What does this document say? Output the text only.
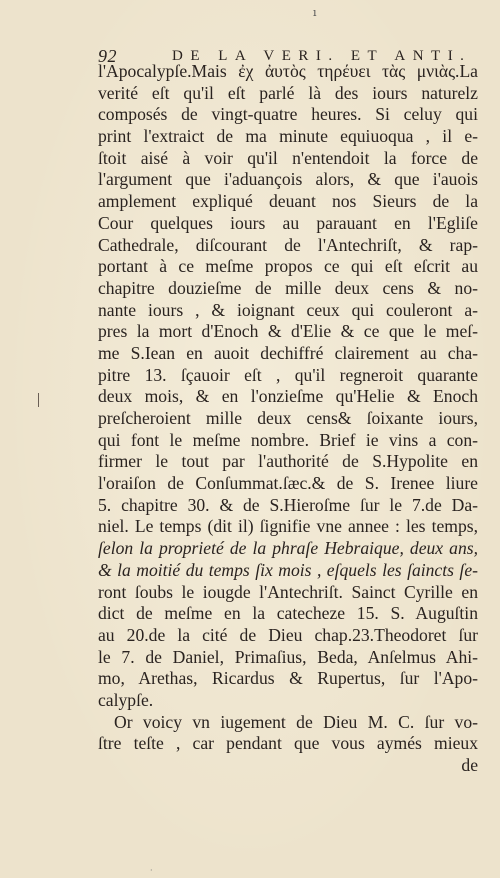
ı
92	DE LA VERI. ET ANTI.
l'Apocalypſe.Mais ἐχ ἀυτὸς τηρέυει τὰς μνιὰς.La
verité eſt qu'il eſt parlé là des iours naturelz
composés de vingt-quatre heures. Si celuy qui
print l'extraict de ma minute equiuoqua , il e-
ſtoit aisé à voir qu'il n'entendoit la force de
l'argument que i'aduançois alors, & que i'auois
amplement expliqué deuant nos Sieurs de la
Cour quelques iours au parauant en l'Egliſe
Cathedrale, diſcourant de l'Antechriſt, & rap-
portant à ce meſme propos ce qui eſt eſcrit au
chapitre douzieſme de mille deux cens & no-
nante iours , & ioignant ceux qui couleront a-
pres la mort d'Enoch & d'Elie & ce que le meſ-
me S.Iean en auoit dechiffré clairement au cha-
pitre 13. ſçauoir eſt , qu'il regneroit quarante
deux mois, & en l'onzieſme qu'Helie & Enoch
preſcheroient mille deux cens& ſoixante iours,
qui font le meſme nombre. Brief ie vins a con-
firmer le tout par l'authorité de S.Hypolite en
l'oraiſon de Conſummat.ſæc.& de S. Irenee liure
5. chapitre 30. & de S.Hieroſme ſur le 7.de Da-
niel. Le temps (dit il) ſignifie vne annee : les temps,
ſelon la proprieté de la phraſe Hebraique, deux ans,
& la moitié du temps ſix mois , eſquels les ſaincts ſe-
ront ſoubs le iougde l'Antechriſt. Sainct Cyrille en
dict de meſme en la catecheze 15. S. Auguſtin
au 20.de la cité de Dieu chap.23.Theodoret ſur
le 7. de Daniel, Primaſius, Beda, Anſelmus Ahi-
mo, Arethas, Ricardus & Rupertus, ſur l'Apo-
calypſe.
Or voicy vn iugement de Dieu M. C. ſur vo-
ſtre teſte , car pendant que vous aymés mieux
de
·
